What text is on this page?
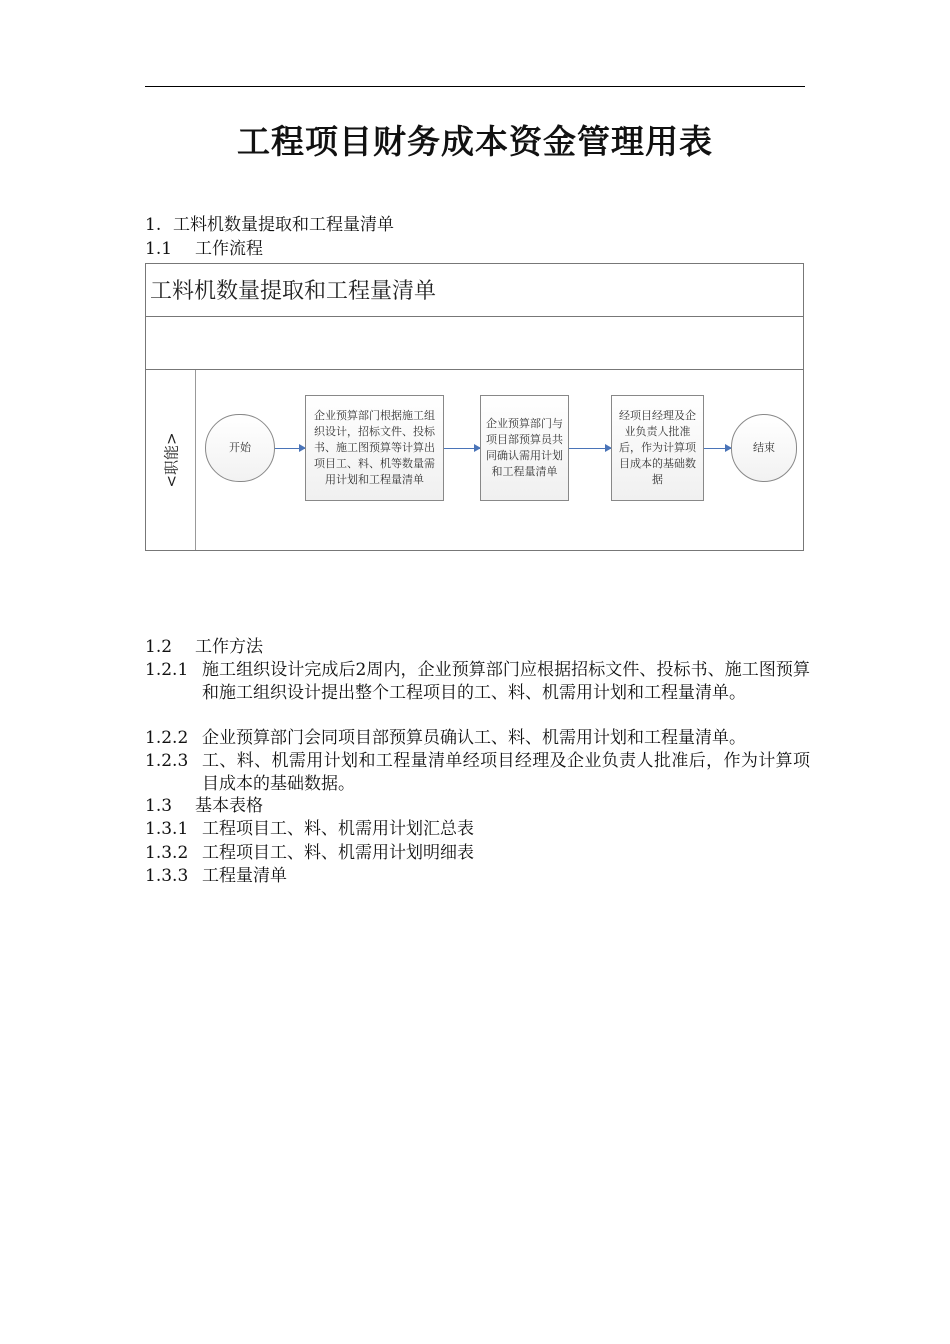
工程项目财务成本资金管理用表
1. 工料机数量提取和工程量清单
1.1 工作流程
工料机数量提取和工程量清单
<职能>	开始
企业预算部门根据施工组织设计，招标文件、投标书、施工图预算等计算出项目工、料、机等数量需用计划和工程量清单
企业预算部门与项目部预算员共同确认需用计划和工程量清单
经项目经理及企业负责人批准后，作为计算项目成本的基础数据
结束
1.2 工作方法
1.2.1 施工组织设计完成后2周内，企业预算部门应根据招标文件、投标书、施工图预算和施工组织设计提出整个工程项目的工、料、机需用计划和工程量清单。
1.2.2 企业预算部门会同项目部预算员确认工、料、机需用计划和工程量清单。
1.2.3 工、料、机需用计划和工程量清单经项目经理及企业负责人批准后，作为计算项目成本的基础数据。
1.3 基本表格
1.3.1 工程项目工、料、机需用计划汇总表
1.3.2 工程项目工、料、机需用计划明细表
1.3.3 工程量清单
